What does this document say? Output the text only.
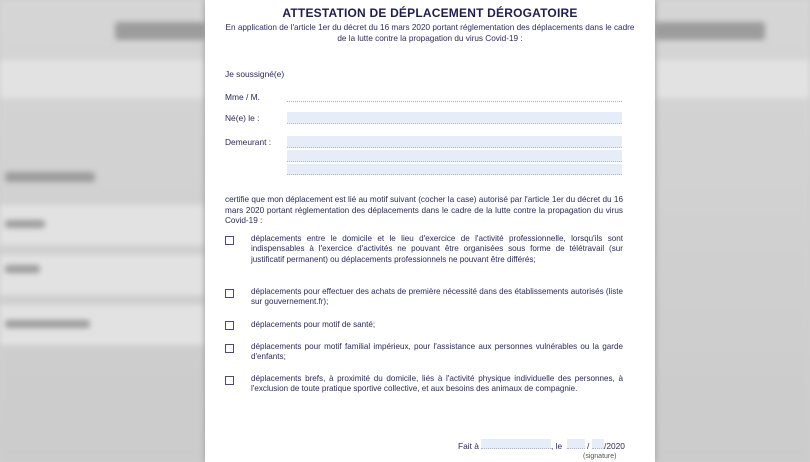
ATTESTATION DE DÉPLACEMENT DÉROGATOIRE
En application de l'article 1er du décret du 16 mars 2020 portant réglementation des déplacements dans le cadre de la lutte contre la propagation du virus Covid-19 :
Je soussigné(e)
Mme / M.
Né(e) le :
Demeurant :
certifie que mon déplacement est lié au motif suivant (cocher la case) autorisé par l'article 1er du décret du 16 mars 2020 portant réglementation des déplacements dans le cadre de la lutte contre la propagation du virus Covid-19 :
déplacements entre le domicile et le lieu d'exercice de l'activité professionnelle, lorsqu'ils sont indispensables à l'exercice d'activités ne pouvant être organisées sous forme de télétravail (sur justificatif permanent) ou déplacements professionnels ne pouvant être différés;
déplacements pour effectuer des achats de première nécessité dans des établissements autorisés (liste sur gouvernement.fr);
déplacements pour motif de santé;
déplacements pour motif familial impérieux, pour l'assistance aux personnes vulnérables ou la garde d'enfants;
déplacements brefs, à proximité du domicile, liés à l'activité physique individuelle des personnes, à l'exclusion de toute pratique sportive collective, et aux besoins des animaux de compagnie.
Fait à	, le	/ /2020
(signature)
